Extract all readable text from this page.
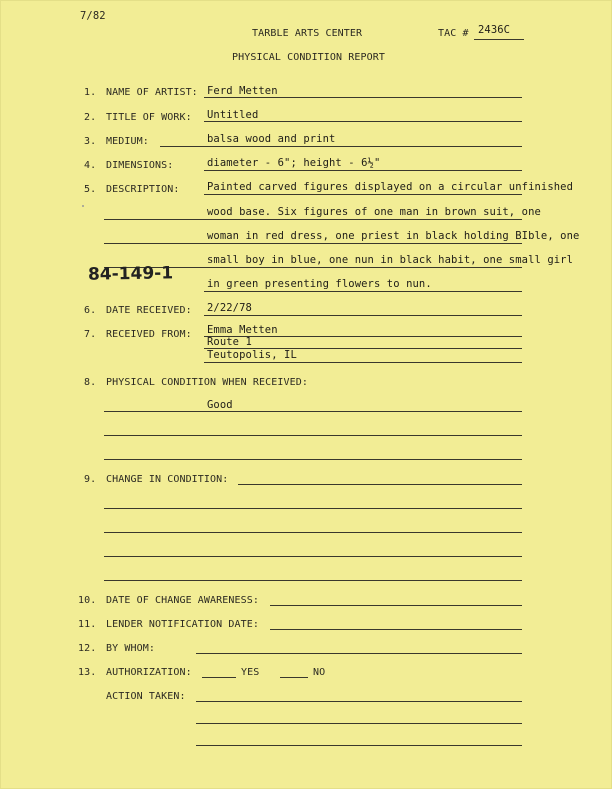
7/82
TARBLE ARTS CENTER	TAC # 2436C
PHYSICAL CONDITION REPORT
1. NAME OF ARTIST: Ferd Metten
2. TITLE OF WORK: Untitled
3. MEDIUM:	balsa wood and print
4. DIMENSIONS:	diameter - 6"; height - 6½"
5. DESCRIPTION:	Painted carved figures displayed on a circular unfinished
wood base. Six figures of one man in brown suit, one
woman in red dress, one priest in black holding BIble, one
small boy in blue, one nun in black habit, one small girl
84-149-1	in green presenting flowers to nun.
6. DATE RECEIVED: 2/22/78
7. RECEIVED FROM: Emma Metten
Route 1
Teutopolis, IL
8. PHYSICAL CONDITION WHEN RECEIVED:
Good
9. CHANGE IN CONDITION:
10. DATE OF CHANGE AWARENESS:
11. LENDER NOTIFICATION DATE:
12. BY WHOM:
13. AUTHORIZATION:	YES	NO
ACTION TAKEN:
